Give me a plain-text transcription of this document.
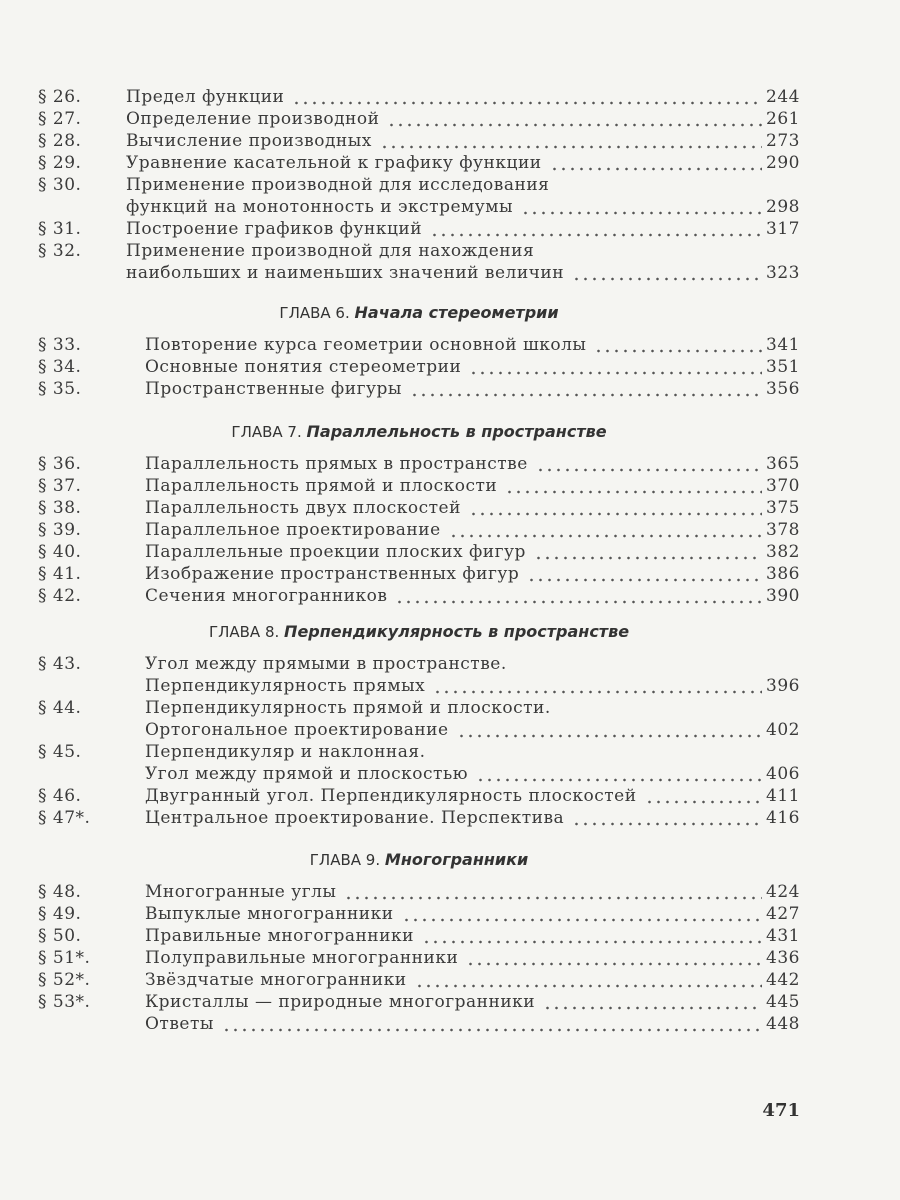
§ 26.	Предел функции	244
§ 27.	Определение производной	261
§ 28.	Вычисление производных	273
§ 29.	Уравнение касательной к графику функции	290
§ 30.	Применение производной для исследования
функций на монотонность и экстремумы	298
§ 31.	Построение графиков функций	317
§ 32.	Применение производной для нахождения
наибольших и наименьших значений величин	323
ГЛАВА 6. Начала стереометрии
§ 33.	Повторение курса геометрии основной школы	341
§ 34.	Основные понятия стереометрии	351
§ 35.	Пространственные фигуры	356
ГЛАВА 7. Параллельность в пространстве
§ 36.	Параллельность прямых в пространстве	365
§ 37.	Параллельность прямой и плоскости	370
§ 38.	Параллельность двух плоскостей	375
§ 39.	Параллельное проектирование	378
§ 40.	Параллельные проекции плоских фигур	382
§ 41.	Изображение пространственных фигур	386
§ 42.	Сечения многогранников	390
ГЛАВА 8. Перпендикулярность в пространстве
§ 43.	Угол между прямыми в пространстве.
Перпендикулярность прямых	396
§ 44.	Перпендикулярность прямой и плоскости.
Ортогональное проектирование	402
§ 45.	Перпендикуляр и наклонная.
Угол между прямой и плоскостью	406
§ 46.	Двугранный угол. Перпендикулярность плоскостей	411
§ 47*.	Центральное проектирование. Перспектива	416
ГЛАВА 9. Многогранники
§ 48.	Многогранные углы	424
§ 49.	Выпуклые многогранники	427
§ 50.	Правильные многогранники	431
§ 51*.	Полуправильные многогранники	436
§ 52*.	Звёздчатые многогранники	442
§ 53*.	Кристаллы — природные многогранники	445
Ответы	448
471
